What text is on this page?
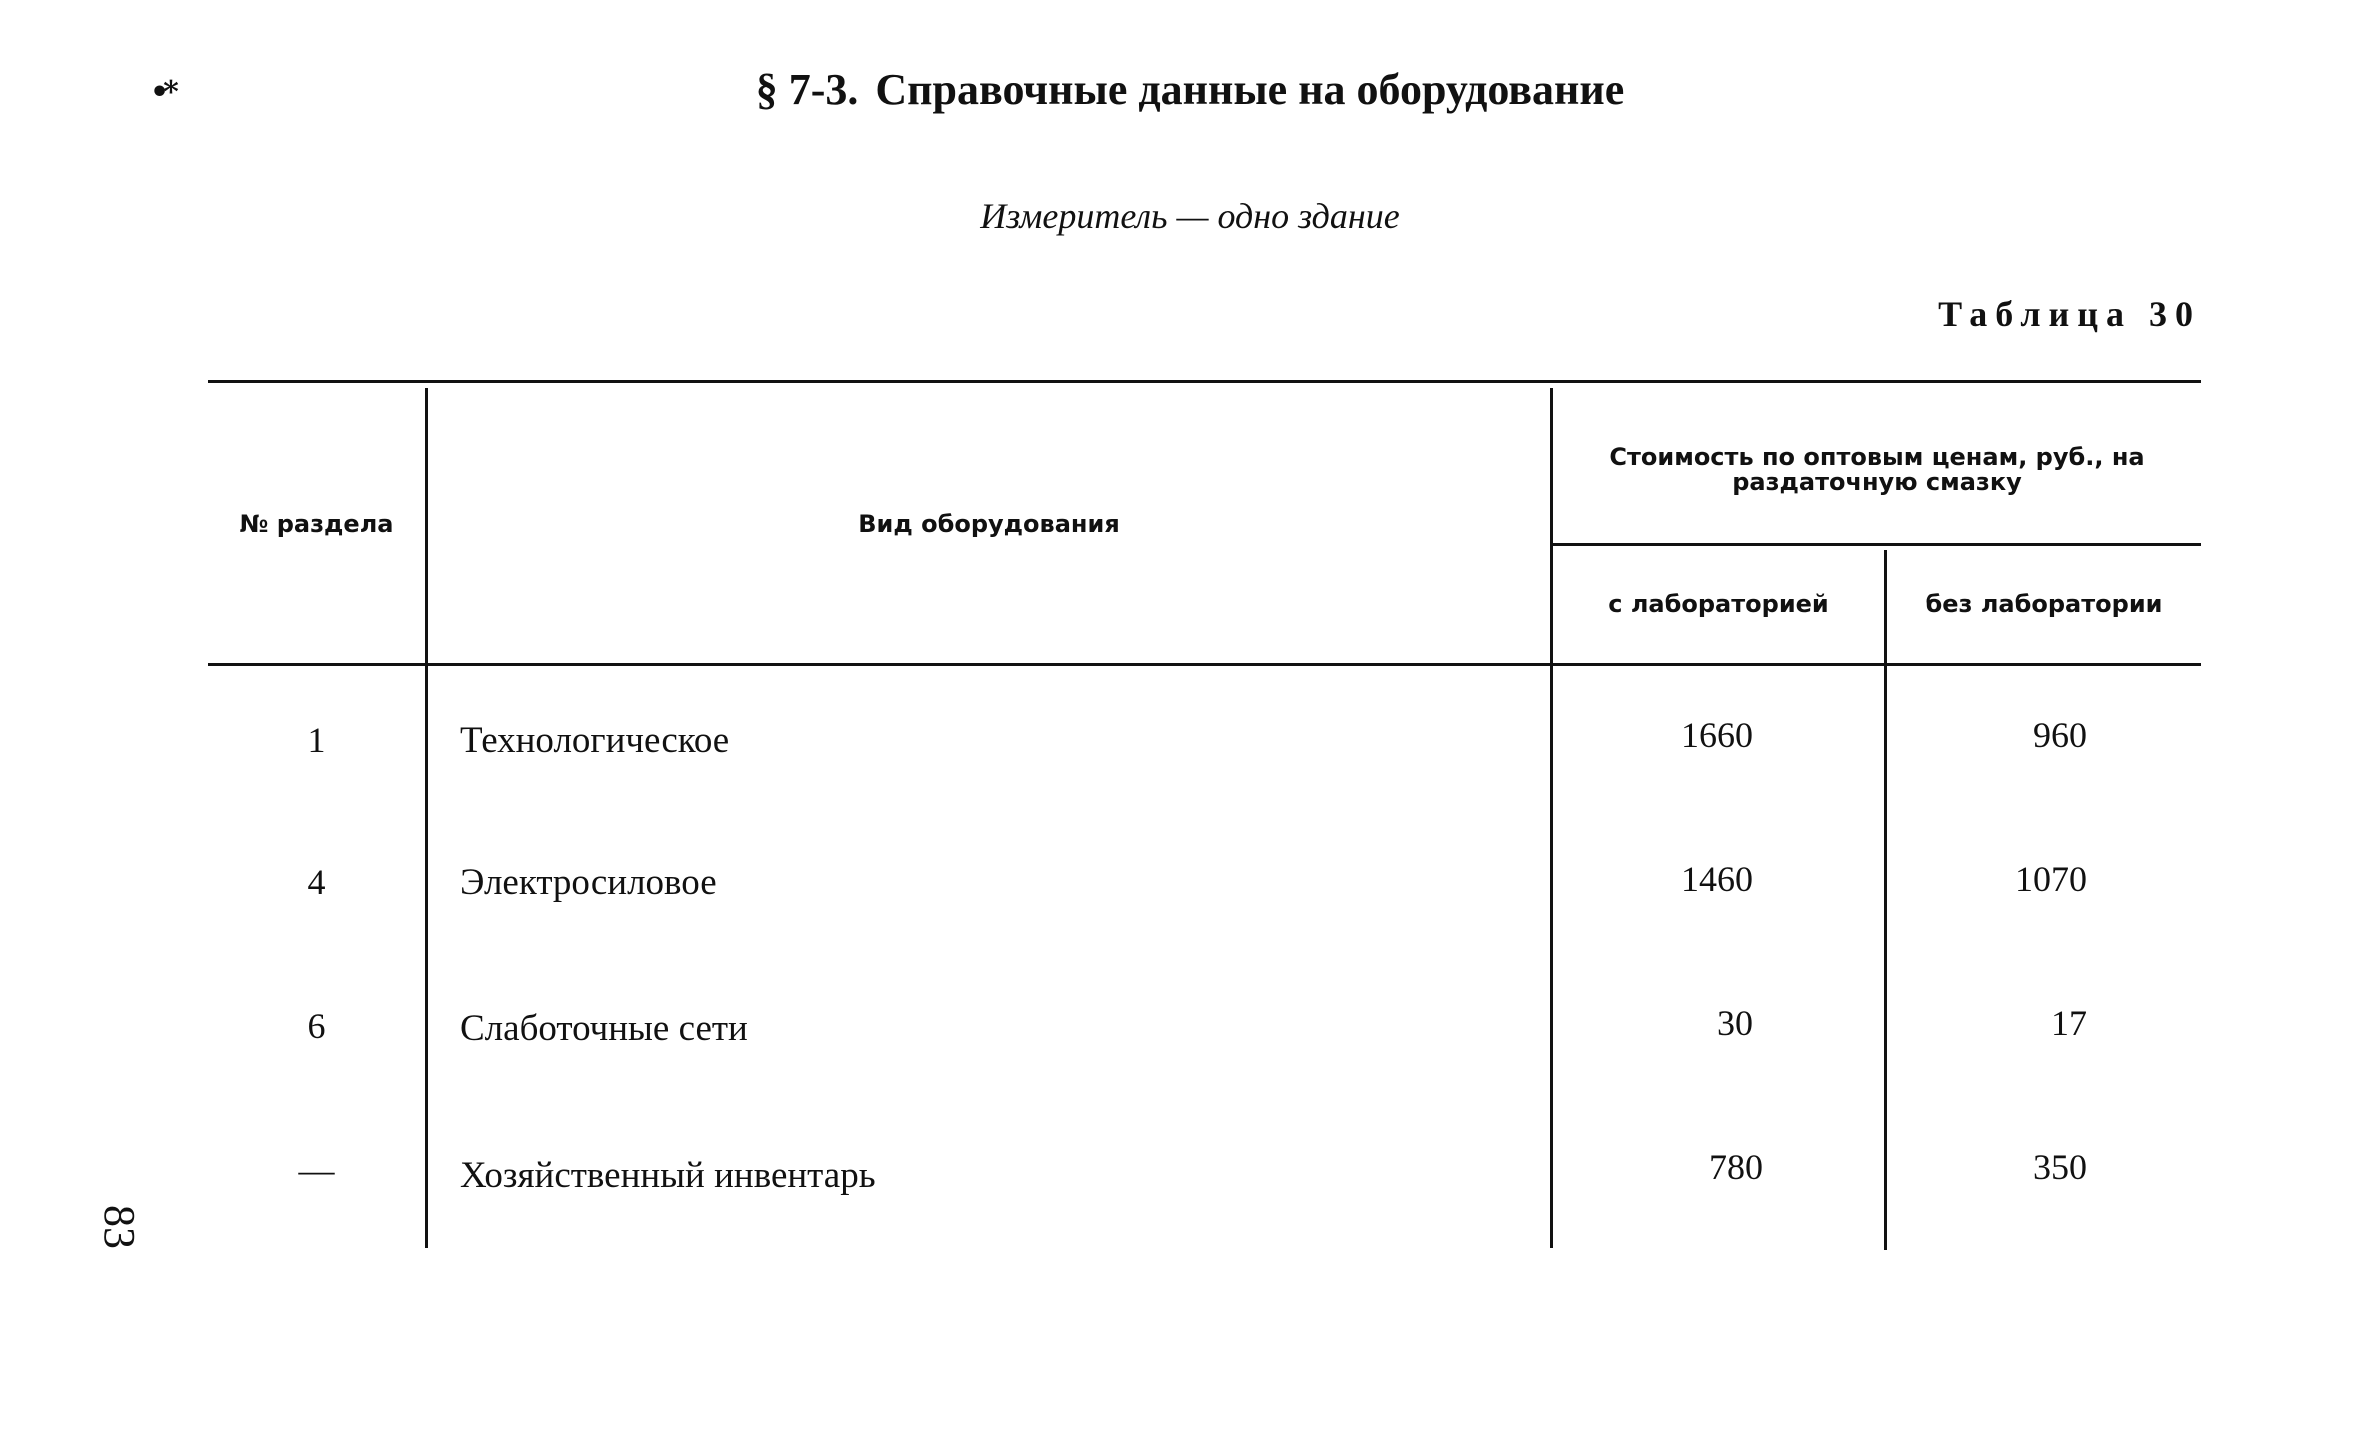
•*	§ 7-3. Справочные данные на оборудование
Измеритель — одно здание
Таблица 30
№ раздела	Вид оборудования
Стоимость по оптовым ценам, руб., на раздаточную смазку
с лабораторией	без лаборатории
1	Технологическое	1660	960
4	Электросиловое	1460	1070
6	Слаботочные сети	30	17
—	Хозяйственный инвентарь	780	350
83
